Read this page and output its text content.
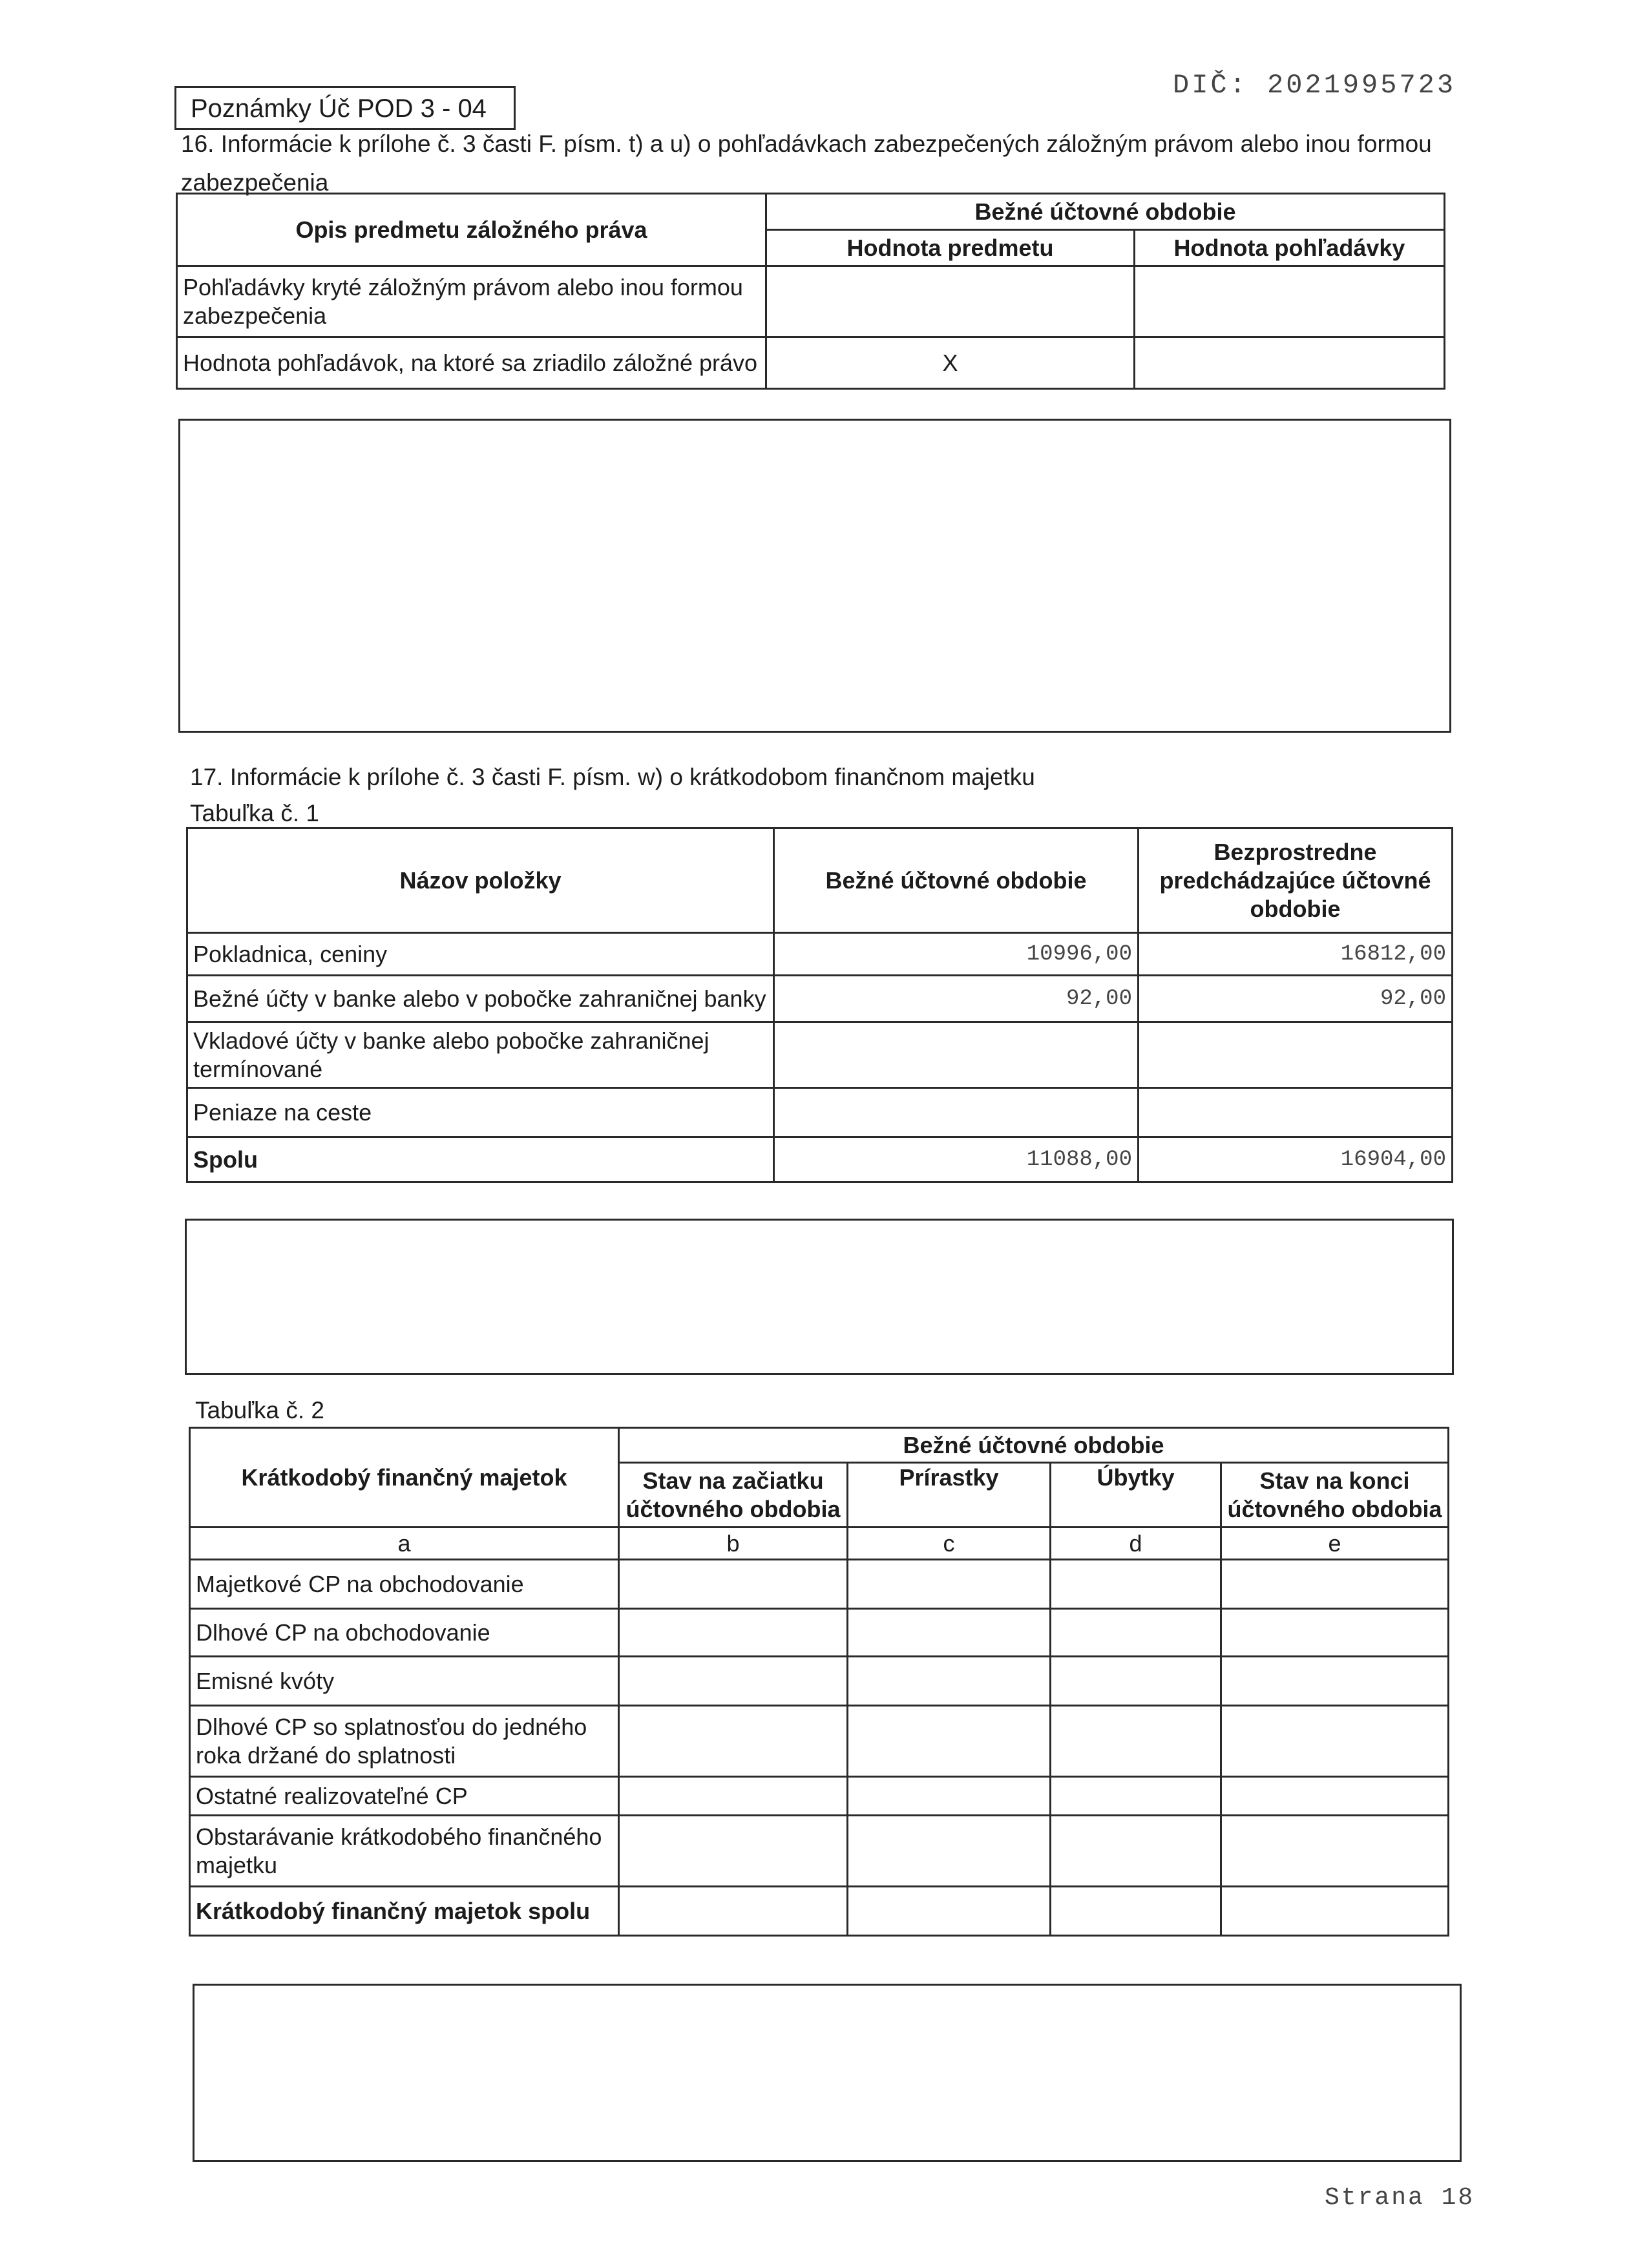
Poznámky Úč POD 3 - 04
DIČ: 2021995723
16. Informácie k prílohe č. 3 časti F. písm. t) a u) o pohľadávkach zabezpečených záložným právom alebo inou formou
zabezpečenia
Opis predmetu záložného práva	Bežné účtovné obdobie	
	Hodnota predmetu	Hodnota pohľadávky
Pohľadávky kryté záložným právom alebo inou formou zabezpečenia		
Hodnota pohľadávok, na ktoré sa zriadilo záložné právo	X	
17. Informácie k prílohe č. 3 časti F. písm. w) o krátkodobom finančnom majetku
Tabuľka č. 1
Názov položky	Bežné účtovné obdobie	Bezprostredne predchádzajúce účtovné obdobie
Pokladnica, ceniny	10996,00	16812,00
Bežné účty v banke alebo v pobočke zahraničnej banky	92,00	92,00
Vkladové účty v banke alebo pobočke zahraničnej termínované		
Peniaze na ceste		
Spolu	11088,00	16904,00
Tabuľka č. 2
Krátkodobý finančný majetok	Bežné účtovné obdobie			
	Stav na začiatku účtovného obdobia	Prírastky	Úbytky	Stav na konci účtovného obdobia
a	b	c	d	e
Majetkové CP na obchodovanie				
Dlhové CP na obchodovanie				
Emisné kvóty				
Dlhové CP so splatnosťou do jedného roka držané do splatnosti				
Ostatné realizovateľné CP				
Obstarávanie krátkodobého finančného majetku				
Krátkodobý finančný majetok spolu				
Strana 18
